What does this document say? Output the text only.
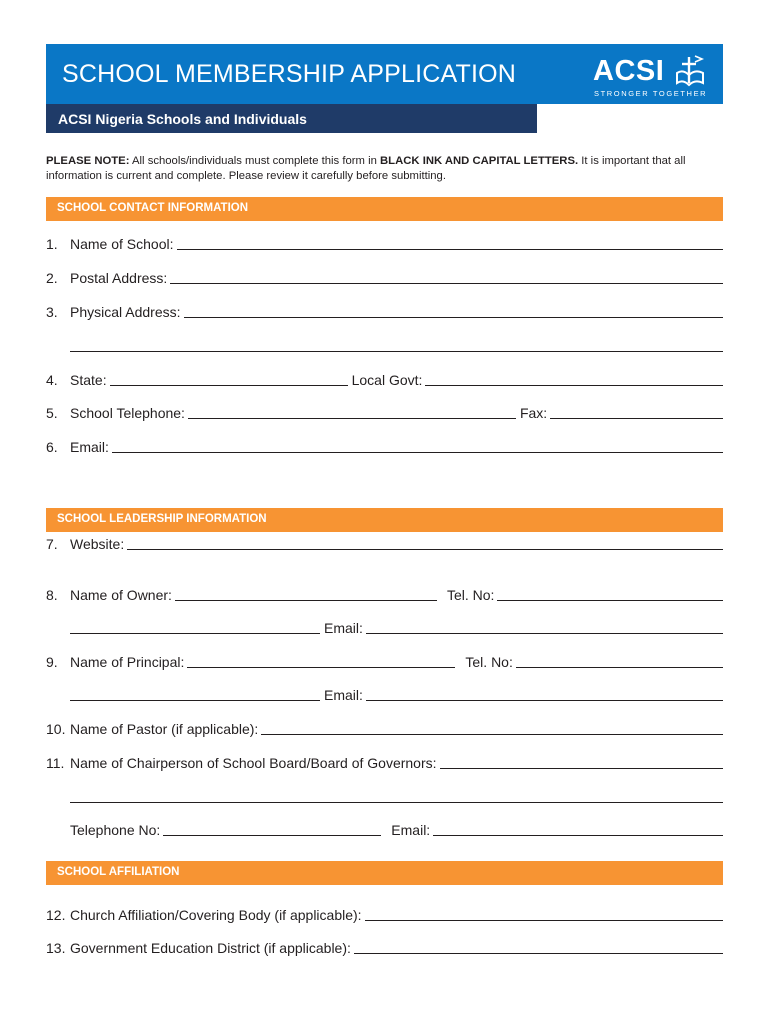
SCHOOL MEMBERSHIP APPLICATION	ACSI
STRONGER TOGETHER
ACSI Nigeria Schools and Individuals
PLEASE NOTE: All schools/individuals must complete this form in BLACK INK AND CAPITAL LETTERS. It is important that all information is current and complete. Please review it carefully before submitting.
SCHOOL CONTACT INFORMATION
1. Name of School:
2. Postal Address:
3. Physical Address:
4. State:	Local Govt:
5. School Telephone:	Fax:
6. Email:
SCHOOL LEADERSHIP INFORMATION
7. Website:
8. Name of Owner:	Tel. No:
Email:
9. Name of Principal:	Tel. No:
Email:
10. Name of Pastor (if applicable):
11. Name of Chairperson of School Board/Board of Governors:
Telephone No:	Email:
SCHOOL AFFILIATION
12. Church Affiliation/Covering Body (if applicable):
13. Government Education District (if applicable):
